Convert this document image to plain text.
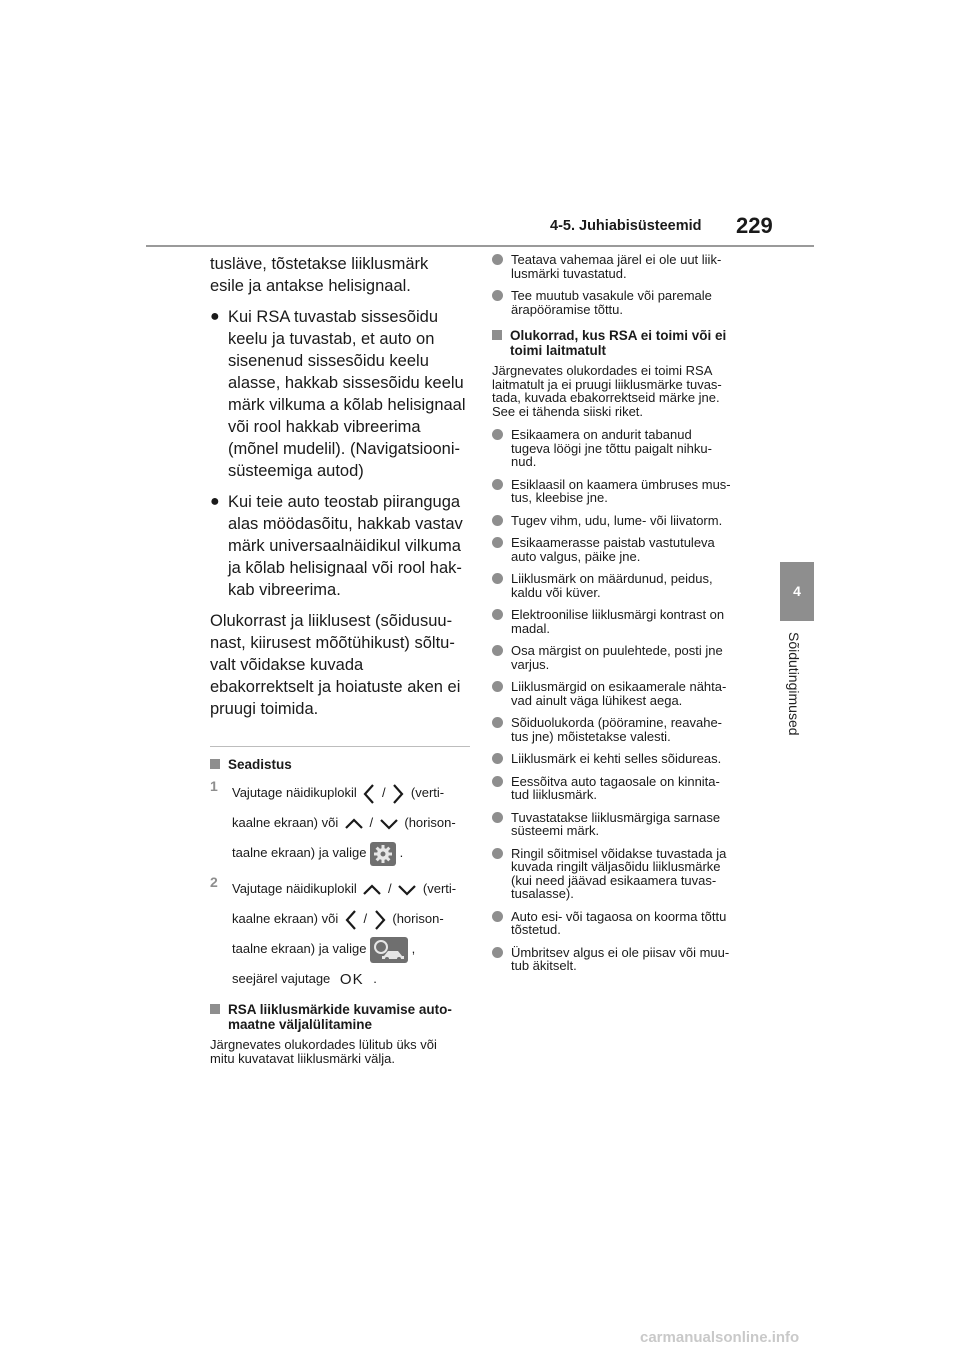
4-5. Juhiabisüsteemid 229
4
Sõidutingimused
tusläve, tõstetakse liiklusmärk
esile ja antakse helisignaal.
● Kui RSA tuvastab sissesõidu
keelu ja tuvastab, et auto on
sisenenud sissesõidu keelu
alasse, hakkab sissesõidu keelu
märk vilkuma a kõlab helisignaal
või rool hakkab vibreerima
(mõnel mudelil). (Navigatsiooni-
süsteemiga autod)
● Kui teie auto teostab piiranguga
alas möödasõitu, hakkab vastav
märk universaalnäidikul vilkuma
ja kõlab helisignaal või rool hak-
kab vibreerima.
Olukorrast ja liiklusest (sõidusuu-
nast, kiirusest mõõtühikust) sõltu-
valt võidakse kuvada
ebakorrektselt ja hoiatuste aken ei
pruugi toimida.
Seadistus
1 Vajutage näidikuplokil / (verti-
kaalne ekraan) või / (horison-
taalne ekraan) ja valige	.
2 Vajutage näidikuplokil / (verti-
kaalne ekraan) või / (horison-
taalne ekraan) ja valige	,
seejärel vajutage OK .
RSA liiklusmärkide kuvamise auto-
maatne väljalülitamine
Järgnevates olukordades lülitub üks või
mitu kuvatavat liiklusmärki välja.
Teatava vahemaa järel ei ole uut liik-
lusmärki tuvastatud.
Tee muutub vasakule või paremale
ärapööramise tõttu.
Olukorrad, kus RSA ei toimi või ei
toimi laitmatult
Järgnevates olukordades ei toimi RSA
laitmatult ja ei pruugi liiklusmärke tuvas-
tada, kuvada ebakorrektseid märke jne.
See ei tähenda siiski riket.
Esikaamera on andurit tabanud
tugeva löögi jne tõttu paigalt nihku-
nud.
Esiklaasil on kaamera ümbruses mus-
tus, kleebise jne.
Tugev vihm, udu, lume- või liivatorm.
Esikaamerasse paistab vastutuleva
auto valgus, päike jne.
Liiklusmärk on määrdunud, peidus,
kaldu või küver.
Elektroonilise liiklusmärgi kontrast on
madal.
Osa märgist on puulehtede, posti jne
varjus.
Liiklusmärgid on esikaamerale nähta-
vad ainult väga lühikest aega.
Sõiduolukorda (pööramine, reavahe-
tus jne) mõistetakse valesti.
Liiklusmärk ei kehti selles sõidureas.
Eessõitva auto tagaosale on kinnita-
tud liiklusmärk.
Tuvastatakse liiklusmärgiga sarnase
süsteemi märk.
Ringil sõitmisel võidakse tuvastada ja
kuvada ringilt väljasõidu liiklusmärke
(kui need jäävad esikaamera tuvas-
tusalasse).
Auto esi- või tagaosa on koorma tõttu
tõstetud.
Ümbritsev algus ei ole piisav või muu-
tub äkitselt.
carmanualsonline.info
